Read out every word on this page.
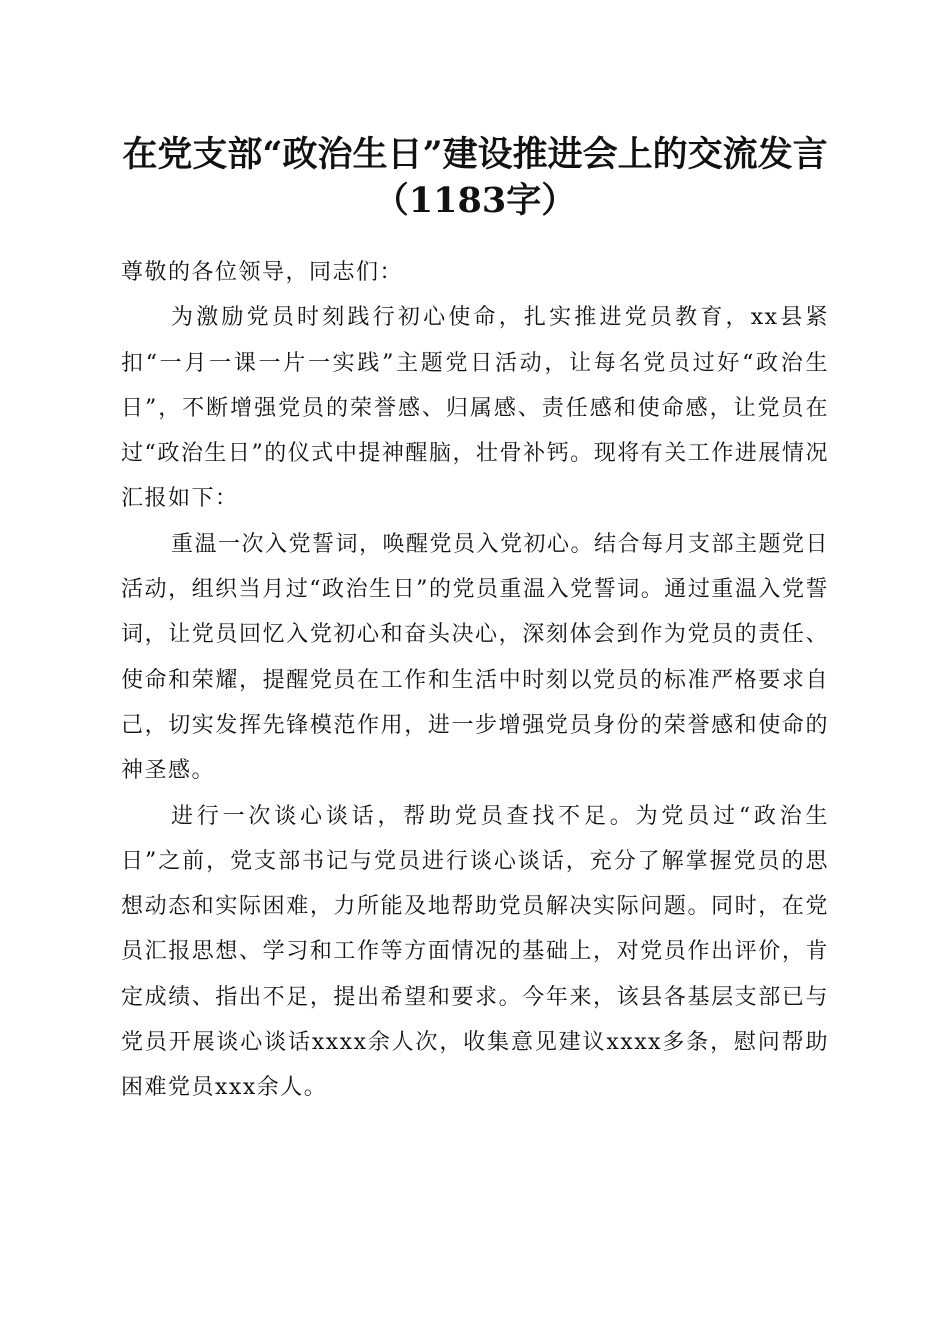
在党支部“政治生日”建设推进会上的交流发言（1183字）

尊敬的各位领导，同志们：

为激励党员时刻践行初心使命，扎实推进党员教育，xx县紧扣“一月一课一片一实践”主题党日活动，让每名党员过好“政治生日”，不断增强党员的荣誉感、归属感、责任感和使命感，让党员在过“政治生日”的仪式中提神醒脑，壮骨补钙。现将有关工作进展情况汇报如下：

重温一次入党誓词，唤醒党员入党初心。结合每月支部主题党日活动，组织当月过“政治生日”的党员重温入党誓词。通过重温入党誓词，让党员回忆入党初心和奋头决心，深刻体会到作为党员的责任、使命和荣耀，提醒党员在工作和生活中时刻以党员的标准严格要求自己，切实发挥先锋模范作用，进一步增强党员身份的荣誉感和使命的神圣感。

进行一次谈心谈话，帮助党员查找不足。为党员过“政治生日”之前，党支部书记与党员进行谈心谈话，充分了解掌握党员的思想动态和实际困难，力所能及地帮助党员解决实际问题。同时，在党员汇报思想、学习和工作等方面情况的基础上，对党员作出评价，肯定成绩、指出不足，提出希望和要求。今年来，该县各基层支部已与党员开展谈心谈话xxxx余人次，收集意见建议xxxx多条，慰问帮助困难党员xxx余人。
